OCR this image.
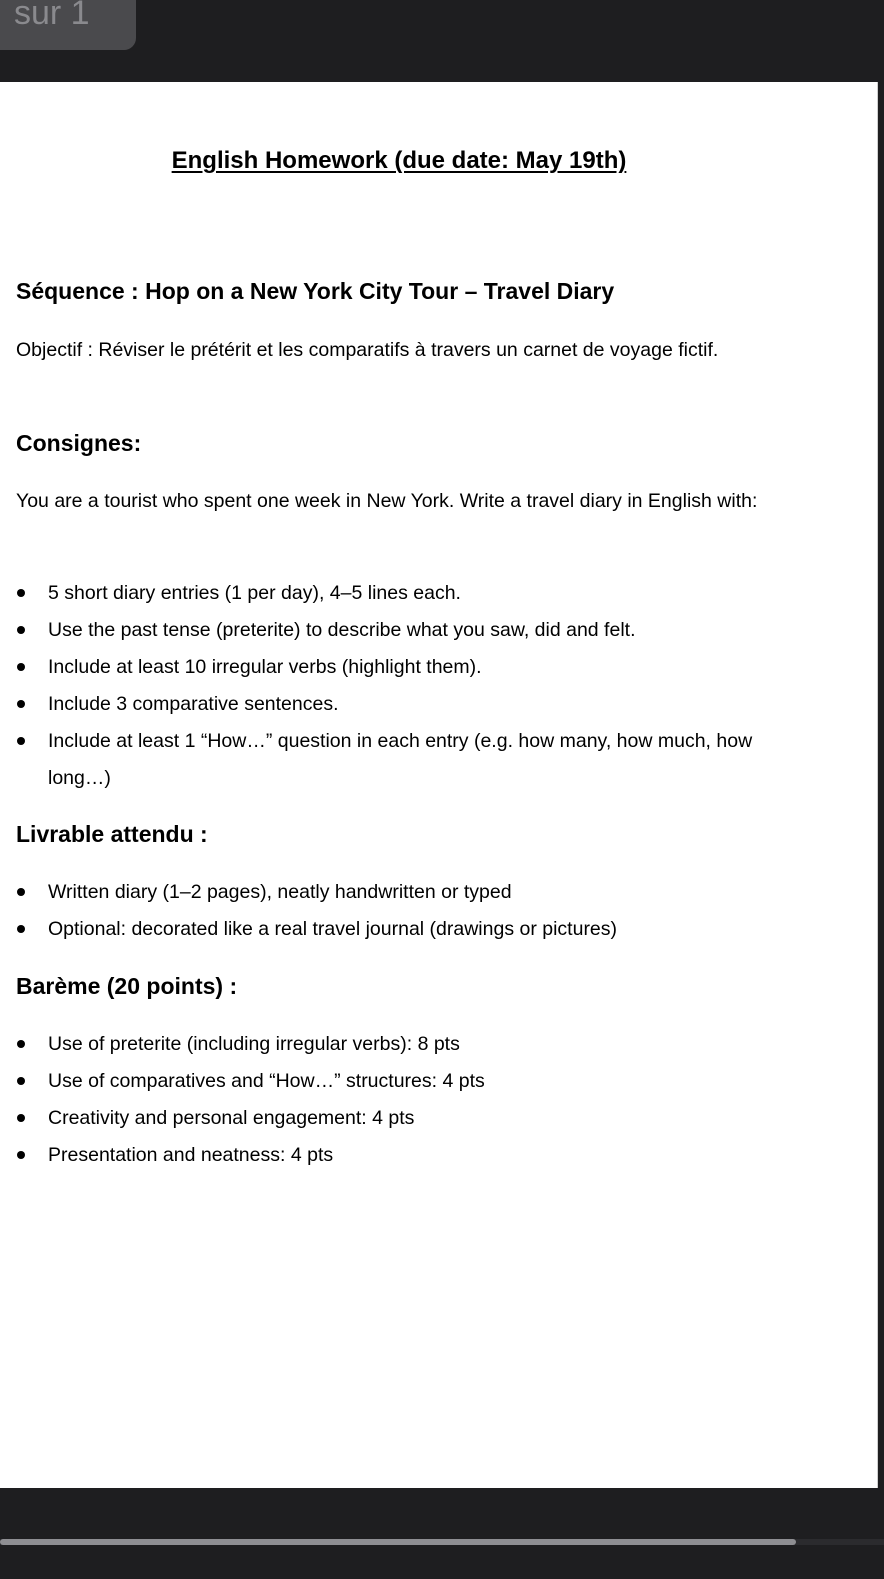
sur 1
English Homework (due date: May 19th)
Séquence : Hop on a New York City Tour – Travel Diary
Objectif : Réviser le prétérit et les comparatifs à travers un carnet de voyage fictif.
Consignes:
You are a tourist who spent one week in New York. Write a travel diary in English with:
5 short diary entries (1 per day), 4–5 lines each.
Use the past tense (preterite) to describe what you saw, did and felt.
Include at least 10 irregular verbs (highlight them).
Include 3 comparative sentences.
Include at least 1 “How…” question in each entry (e.g. how many, how much, how long…)
Livrable attendu :
Written diary (1–2 pages), neatly handwritten or typed
Optional: decorated like a real travel journal (drawings or pictures)
Barème (20 points) :
Use of preterite (including irregular verbs): 8 pts
Use of comparatives and “How…” structures: 4 pts
Creativity and personal engagement: 4 pts
Presentation and neatness: 4 pts
